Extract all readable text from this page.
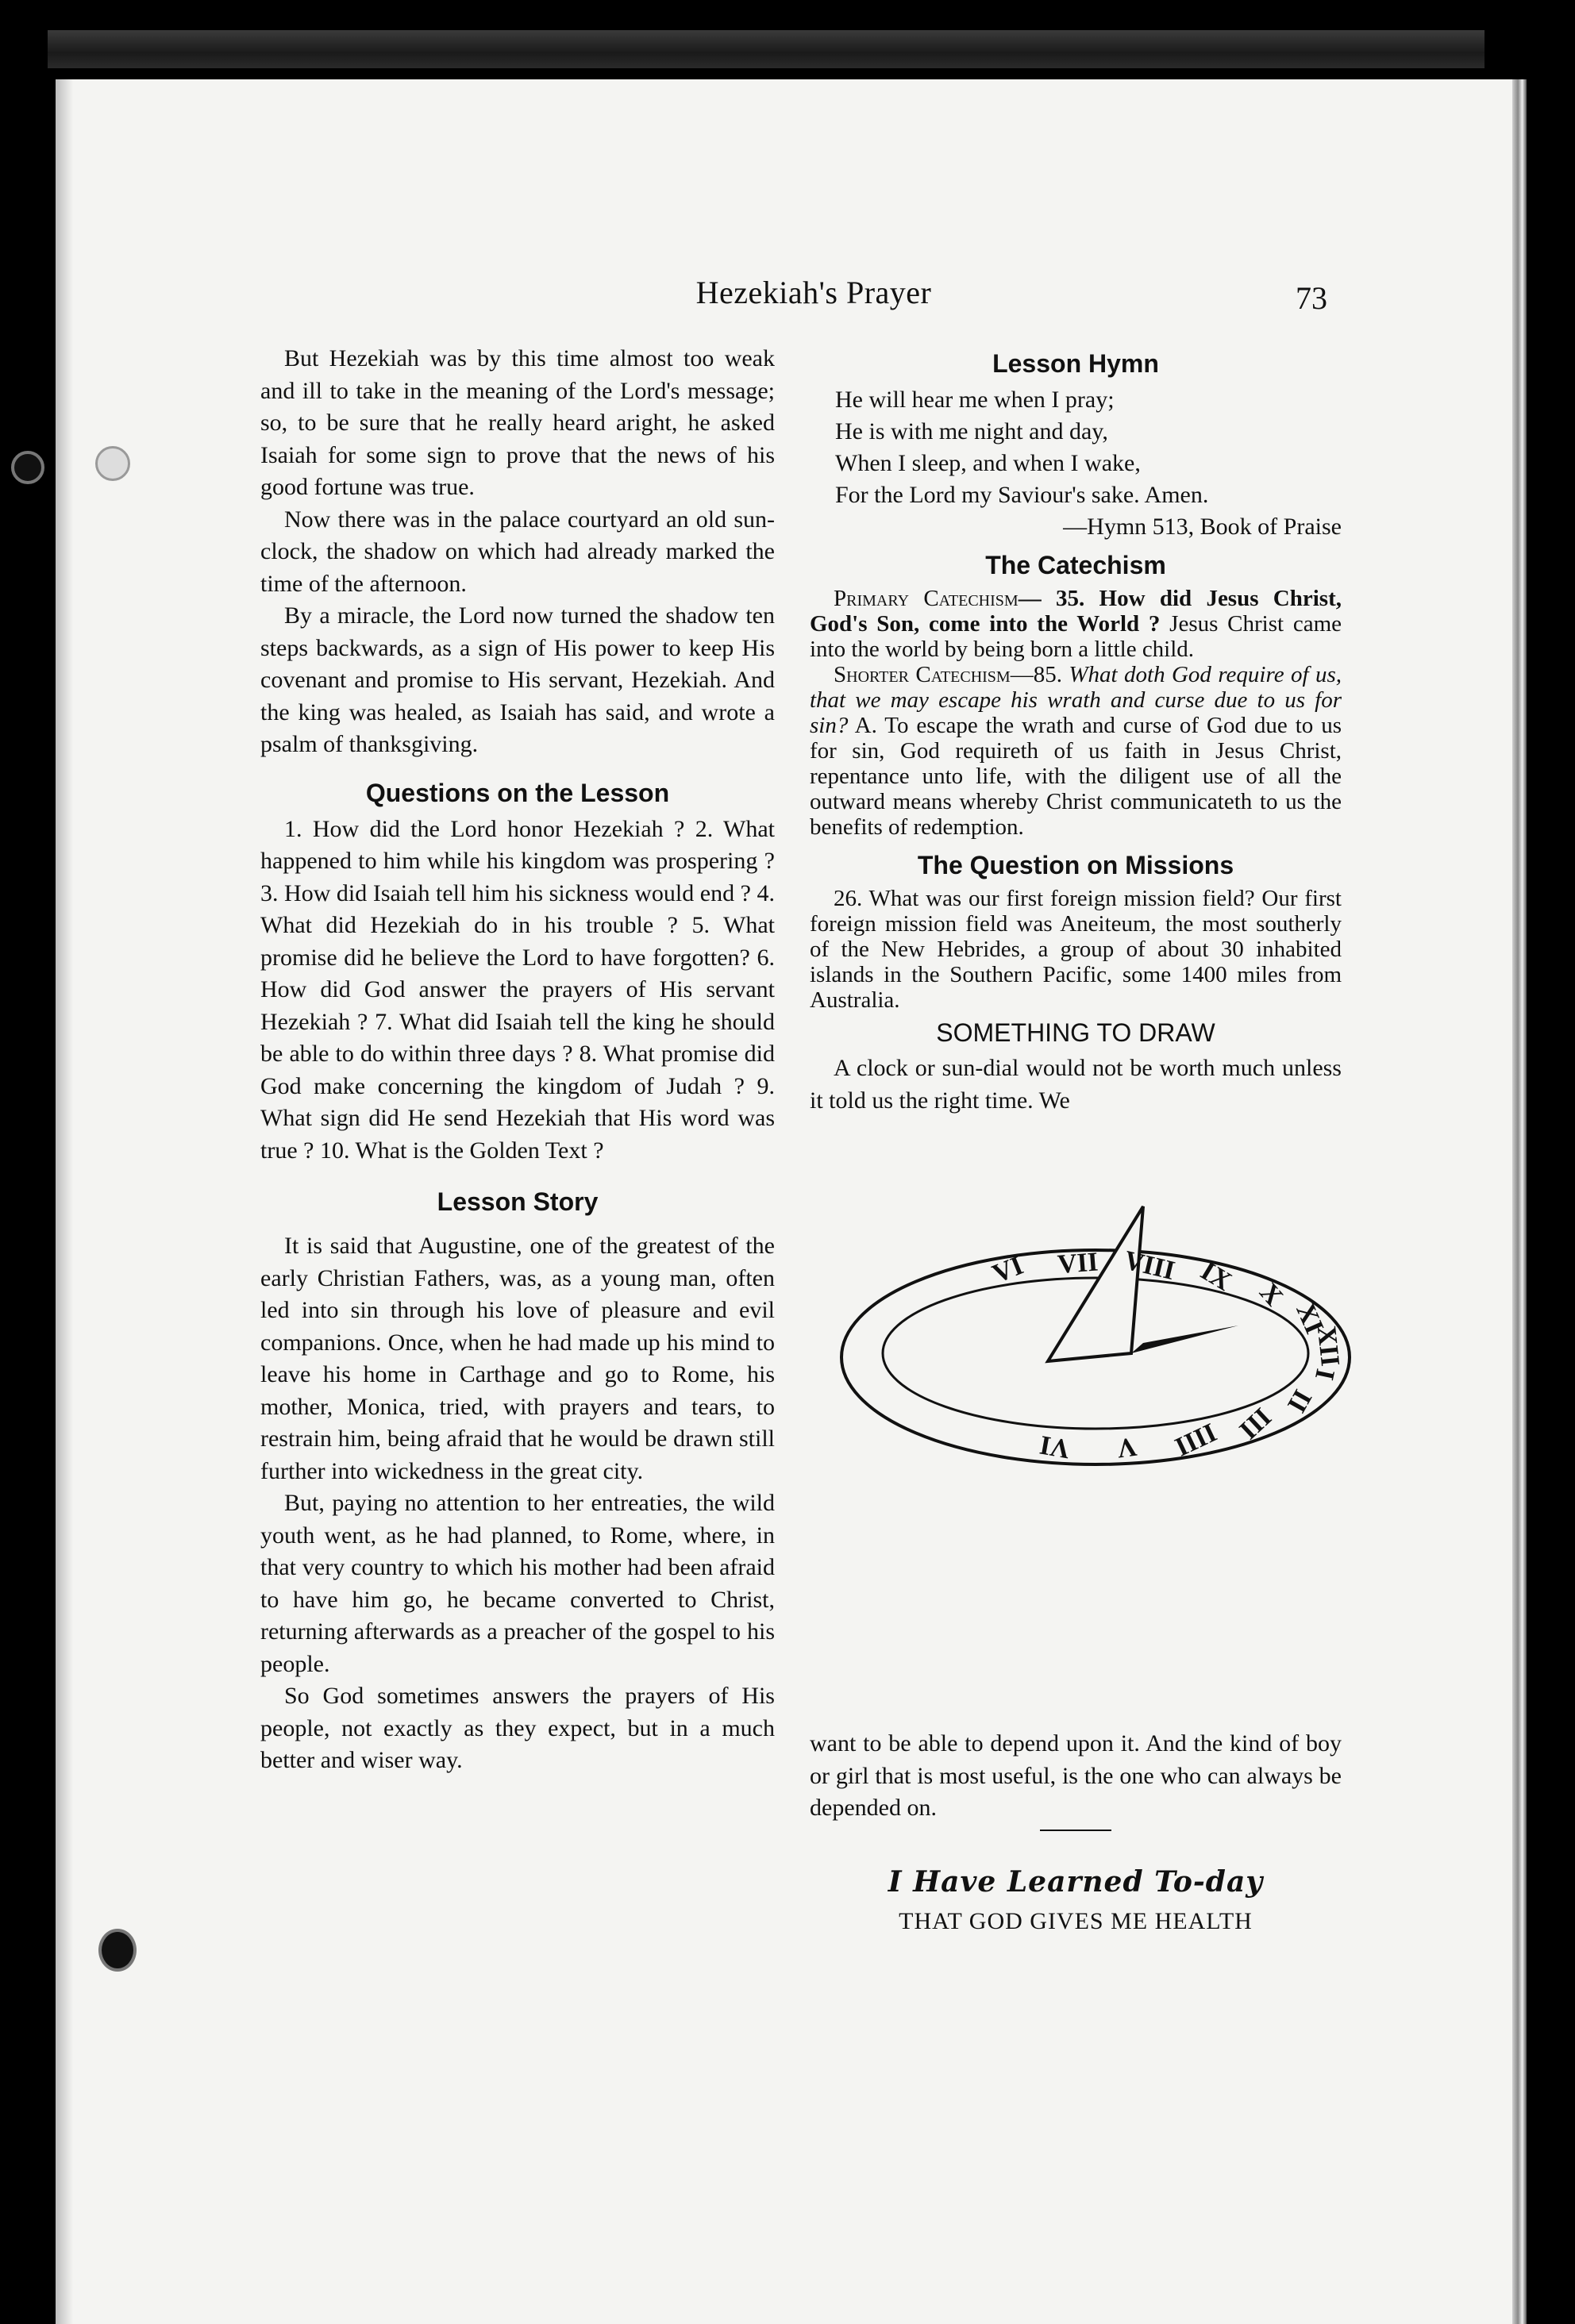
Hezekiah's Prayer	73

But Hezekiah was by this time almost too weak and ill to take in the meaning of the Lord's message; so, to be sure that he really heard aright, he asked Isaiah for some sign to prove that the news of his good fortune was true.

Now there was in the palace courtyard an old sun-clock, the shadow on which had already marked the time of the afternoon.

By a miracle, the Lord now turned the shadow ten steps backwards, as a sign of His power to keep His covenant and promise to His servant, Hezekiah. And the king was healed, as Isaiah has said, and wrote a psalm of thanksgiving.

Questions on the Lesson

1. How did the Lord honor Hezekiah ? 2. What happened to him while his kingdom was prospering ? 3. How did Isaiah tell him his sickness would end ? 4. What did Hezekiah do in his trouble ? 5. What promise did he believe the Lord to have forgotten? 6. How did God answer the prayers of His servant Hezekiah ? 7. What did Isaiah tell the king he should be able to do within three days ? 8. What promise did God make concerning the kingdom of Judah ? 9. What sign did He send Hezekiah that His word was true ? 10. What is the Golden Text ?

Lesson Story

It is said that Augustine, one of the greatest of the early Christian Fathers, was, as a young man, often led into sin through his love of pleasure and evil companions. Once, when he had made up his mind to leave his home in Carthage and go to Rome, his mother, Monica, tried, with prayers and tears, to restrain him, being afraid that he would be drawn still further into wickedness in the great city.

But, paying no attention to her entreaties, the wild youth went, as he had planned, to Rome, where, in that very country to which his mother had been afraid to have him go, he became converted to Christ, returning afterwards as a preacher of the gospel to his people.

So God sometimes answers the prayers of His people, not exactly as they expect, but in a much better and wiser way.

Lesson Hymn
He will hear me when I pray;
He is with me night and day,
When I sleep, and when I wake,
For the Lord my Saviour's sake. Amen.
—Hymn 513, Book of Praise
The Catechism

Primary Catechism— 35. How did Jesus Christ, God's Son, come into the World ? Jesus Christ came into the world by being born a little child.

Shorter Catechism—85. What doth God require of us, that we may escape his wrath and curse due to us for sin? A. To escape the wrath and curse of God due to us for sin, God requireth of us faith in Jesus Christ, repentance unto life, with the diligent use of all the outward means whereby Christ communicateth to us the benefits of redemption.

The Question on Missions

26. What was our first foreign mission field? Our first foreign mission field was Aneiteum, the most southerly of the New Hebrides, a group of about 30 inhabited islands in the Southern Pacific, some 1400 miles from Australia.

SOMETHING TO DRAW

A clock or sun-dial would not be worth much unless it told us the right time. We

want to be able to depend upon it. And the kind of boy or girl that is most useful, is the one who can always be depended on.

I Have Learned To-day
THAT GOD GIVES ME HEALTH
VI VII VIII IX X
XI
XII
I
II
III
IIII
V
VI
